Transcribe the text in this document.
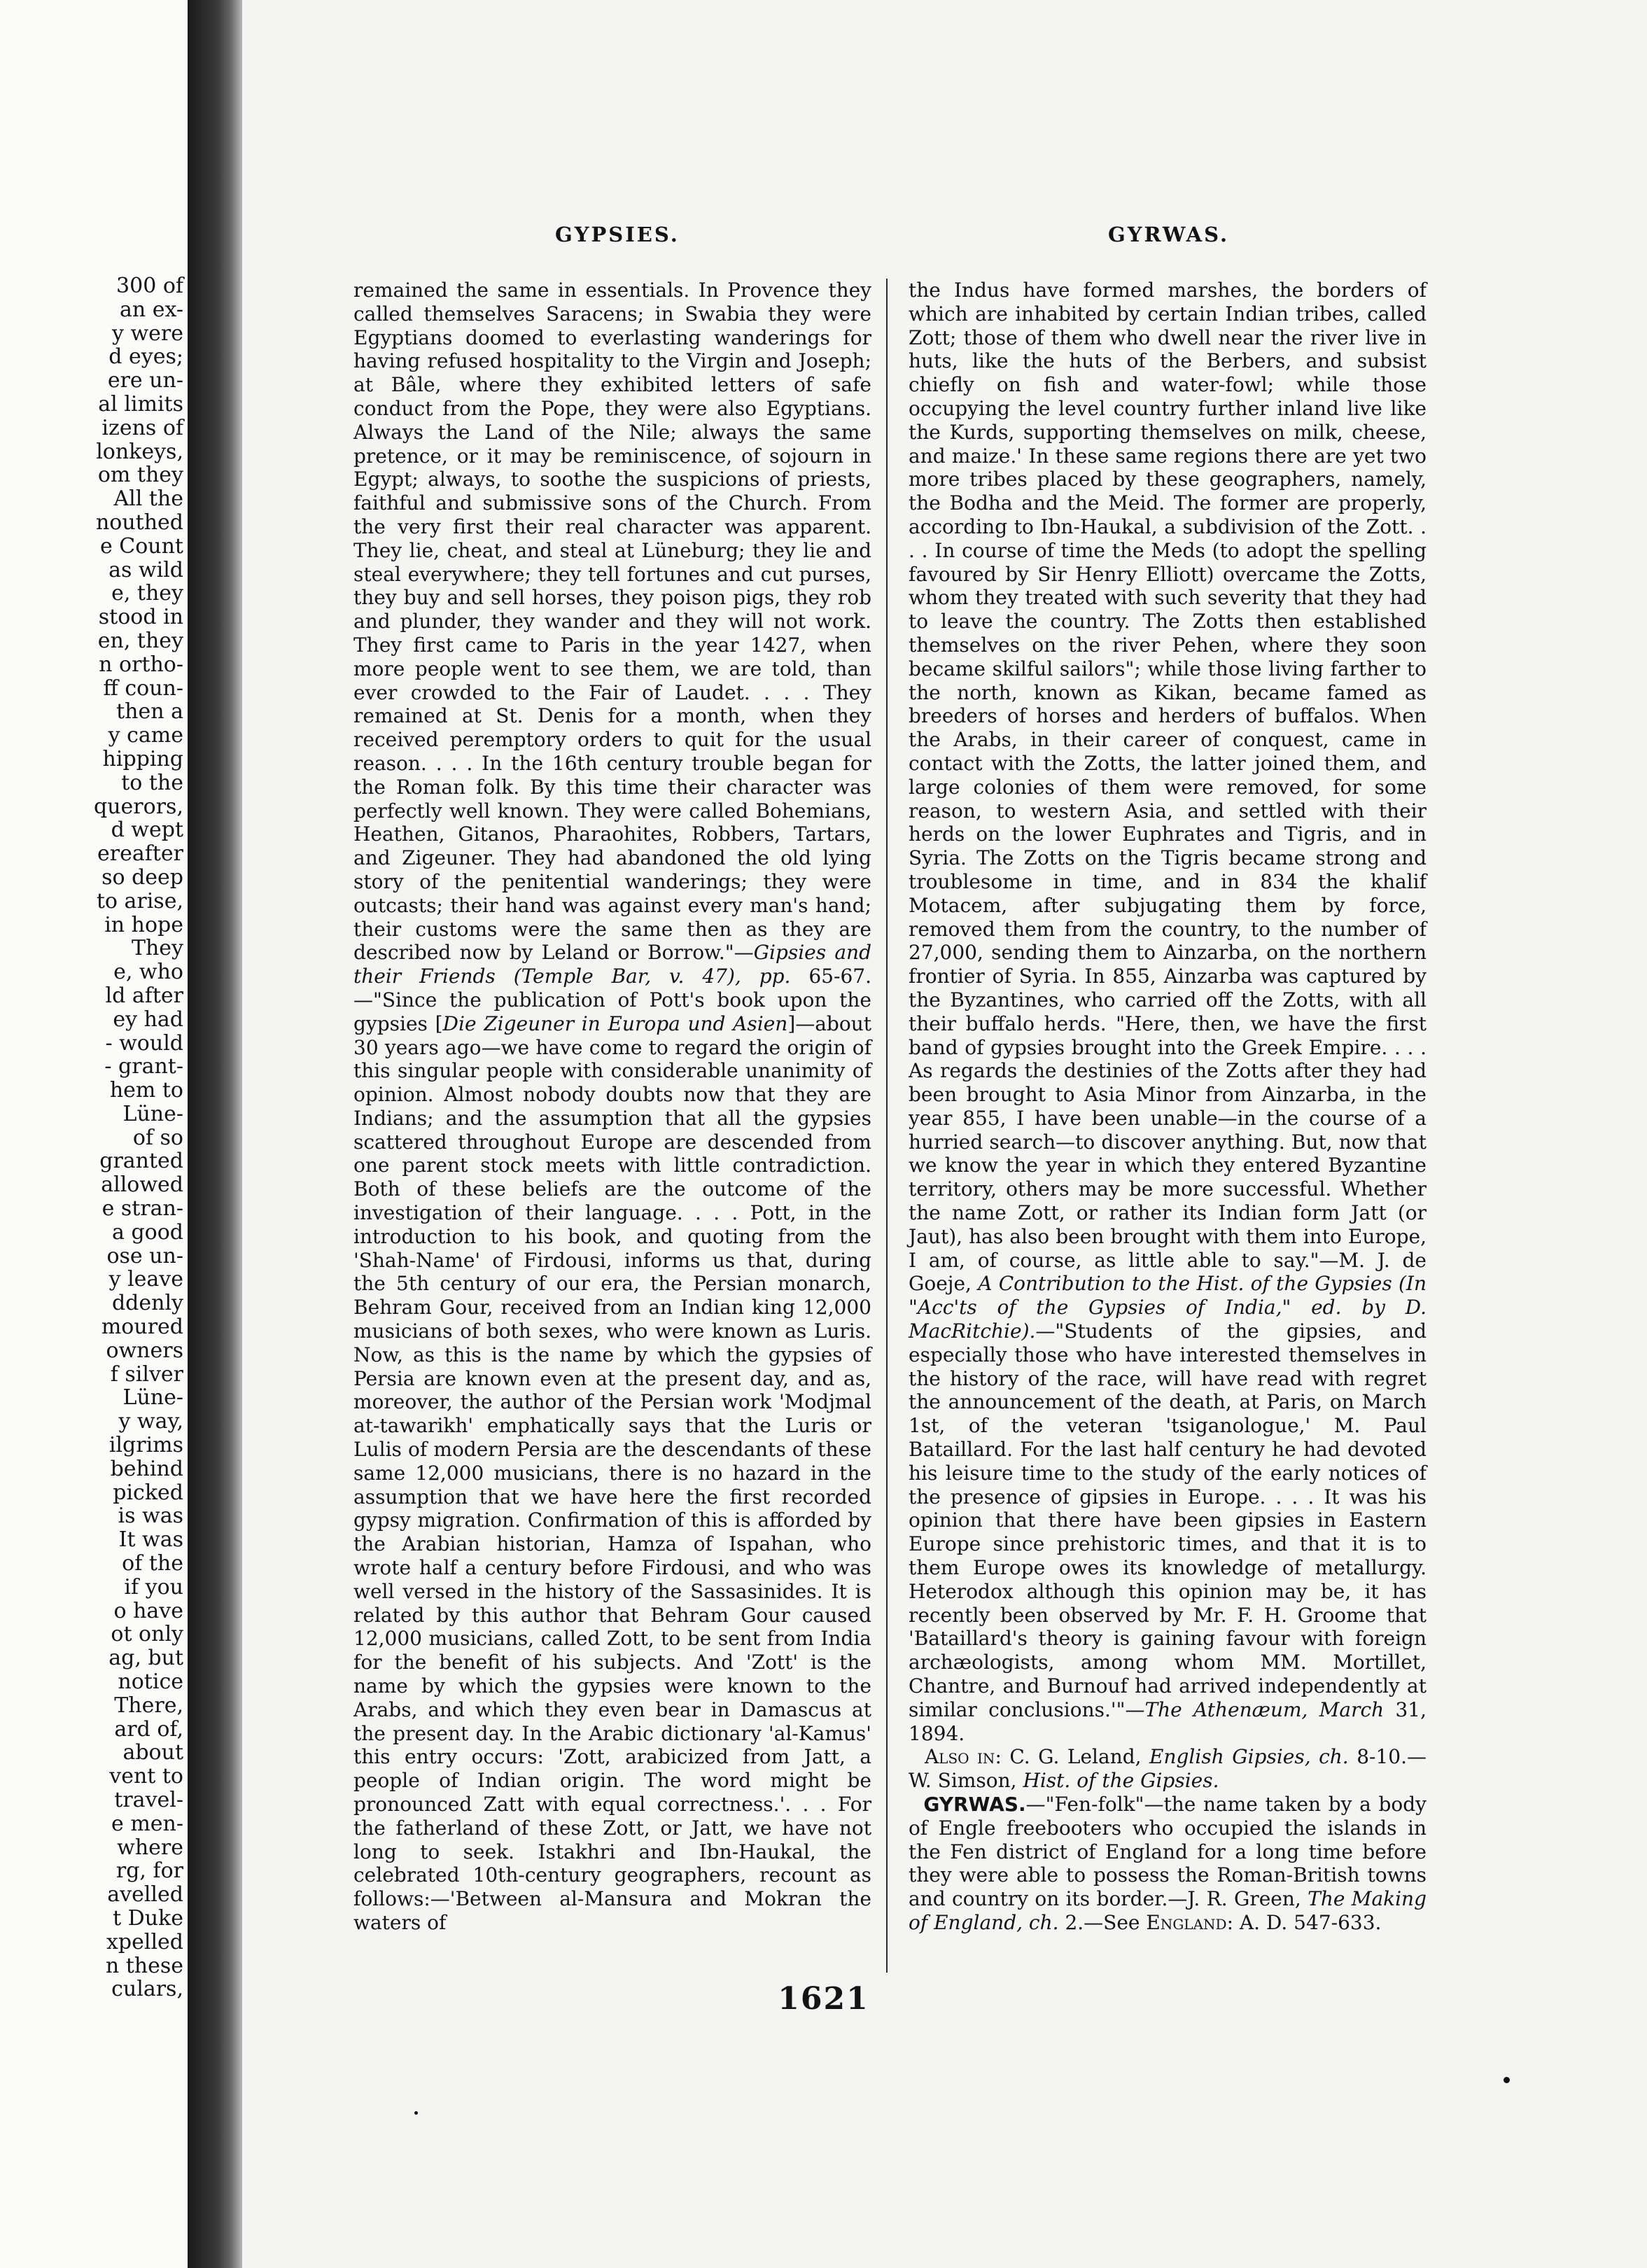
300 of
an ex-
y were
d eyes;
ere un-
al limits
izens of
lonkeys,
om they
All the
nouthed
e Count
as wild
e, they
stood in
en, they
n ortho-
ff coun-
then a
y came
hipping
to the
querors,
d wept
ereafter
so deep
to arise,
in hope
They
e, who
ld after
ey had
- would
- grant-
hem to
Lüne-
of so
granted
allowed
e stran-
a good
ose un-
y leave
ddenly
moured
owners
f silver
Lüne-
y way,
ilgrims
behind
picked
is was
It was
of the
if you
o have
ot only
ag, but
notice
There,
ard of,
about
vent to
travel-
e men-
where
rg, for
avelled
t Duke
xpelled
n these
culars,
GYPSIES.	GYRWAS.

remained the same in essentials. In Provence they called themselves Saracens; in Swabia they were Egyptians doomed to everlasting wanderings for having refused hospitality to the Virgin and Joseph; at Bâle, where they exhibited letters of safe conduct from the Pope, they were also Egyptians. Always the Land of the Nile; always the same pretence, or it may be reminiscence, of sojourn in Egypt; always, to soothe the suspicions of priests, faithful and submissive sons of the Church. From the very first their real character was apparent. They lie, cheat, and steal at Lüneburg; they lie and steal everywhere; they tell fortunes and cut purses, they buy and sell horses, they poison pigs, they rob and plunder, they wander and they will not work. They first came to Paris in the year 1427, when more people went to see them, we are told, than ever crowded to the Fair of Laudet. . . . They remained at St. Denis for a month, when they received peremptory orders to quit for the usual reason. . . . In the 16th century trouble began for the Roman folk. By this time their character was perfectly well known. They were called Bohemians, Heathen, Gitanos, Pharaohites, Robbers, Tartars, and Zigeuner. They had abandoned the old lying story of the penitential wanderings; they were outcasts; their hand was against every man's hand; their customs were the same then as they are described now by Leland or Borrow."—Gipsies and their Friends (Temple Bar, v. 47), pp. 65-67.—"Since the publication of Pott's book upon the gypsies [Die Zigeuner in Europa und Asien]—about 30 years ago—we have come to regard the origin of this singular people with considerable unanimity of opinion. Almost nobody doubts now that they are Indians; and the assumption that all the gypsies scattered throughout Europe are descended from one parent stock meets with little contradiction. Both of these beliefs are the outcome of the investigation of their language. . . . Pott, in the introduction to his book, and quoting from the 'Shah-Name' of Firdousi, informs us that, during the 5th century of our era, the Persian monarch, Behram Gour, received from an Indian king 12,000 musicians of both sexes, who were known as Luris. Now, as this is the name by which the gypsies of Persia are known even at the present day, and as, moreover, the author of the Persian work 'Modjmal at-tawarikh' emphatically says that the Luris or Lulis of modern Persia are the descendants of these same 12,000 musicians, there is no hazard in the assumption that we have here the first recorded gypsy migration. Confirmation of this is afforded by the Arabian historian, Hamza of Ispahan, who wrote half a century before Firdousi, and who was well versed in the history of the Sassasinides. It is related by this author that Behram Gour caused 12,000 musicians, called Zott, to be sent from India for the benefit of his subjects. And 'Zott' is the name by which the gypsies were known to the Arabs, and which they even bear in Damascus at the present day. In the Arabic dictionary 'al-Kamus' this entry occurs: 'Zott, arabicized from Jatt, a people of Indian origin. The word might be pronounced Zatt with equal correctness.'. . . For the fatherland of these Zott, or Jatt, we have not long to seek. Istakhri and Ibn-Haukal, the celebrated 10th-century geographers, recount as follows:—'Between al-Mansura and Mokran the waters of

the Indus have formed marshes, the borders of which are inhabited by certain Indian tribes, called Zott; those of them who dwell near the river live in huts, like the huts of the Berbers, and subsist chiefly on fish and water-fowl; while those occupying the level country further inland live like the Kurds, supporting themselves on milk, cheese, and maize.' In these same regions there are yet two more tribes placed by these geographers, namely, the Bodha and the Meid. The former are properly, according to Ibn-Haukal, a subdivision of the Zott. . . . In course of time the Meds (to adopt the spelling favoured by Sir Henry Elliott) overcame the Zotts, whom they treated with such severity that they had to leave the country. The Zotts then established themselves on the river Pehen, where they soon became skilful sailors"; while those living farther to the north, known as Kikan, became famed as breeders of horses and herders of buffalos. When the Arabs, in their career of conquest, came in contact with the Zotts, the latter joined them, and large colonies of them were removed, for some reason, to western Asia, and settled with their herds on the lower Euphrates and Tigris, and in Syria. The Zotts on the Tigris became strong and troublesome in time, and in 834 the khalif Motacem, after subjugating them by force, removed them from the country, to the number of 27,000, sending them to Ainzarba, on the northern frontier of Syria. In 855, Ainzarba was captured by the Byzantines, who carried off the Zotts, with all their buffalo herds. "Here, then, we have the first band of gypsies brought into the Greek Empire. . . . As regards the destinies of the Zotts after they had been brought to Asia Minor from Ainzarba, in the year 855, I have been unable—in the course of a hurried search—to discover anything. But, now that we know the year in which they entered Byzantine territory, others may be more successful. Whether the name Zott, or rather its Indian form Jatt (or Jaut), has also been brought with them into Europe, I am, of course, as little able to say."—M. J. de Goeje, A Contribution to the Hist. of the Gypsies (In "Acc'ts of the Gypsies of India," ed. by D. MacRitchie).—"Students of the gipsies, and especially those who have interested themselves in the history of the race, will have read with regret the announcement of the death, at Paris, on March 1st, of the veteran 'tsiganologue,' M. Paul Bataillard. For the last half century he had devoted his leisure time to the study of the early notices of the presence of gipsies in Europe. . . . It was his opinion that there have been gipsies in Eastern Europe since prehistoric times, and that it is to them Europe owes its knowledge of metallurgy. Heterodox although this opinion may be, it has recently been observed by Mr. F. H. Groome that 'Bataillard's theory is gaining favour with foreign archæologists, among whom MM. Mortillet, Chantre, and Burnouf had arrived independently at similar conclusions.'"—The Athenæum, March 31, 1894.

Also in: C. G. Leland, English Gipsies, ch. 8-10.—W. Simson, Hist. of the Gipsies.

GYRWAS.—"Fen-folk"—the name taken by a body of Engle freebooters who occupied the islands in the Fen district of England for a long time before they were able to possess the Roman-British towns and country on its border.—J. R. Green, The Making of England, ch. 2.—See England: A. D. 547-633.

1621
